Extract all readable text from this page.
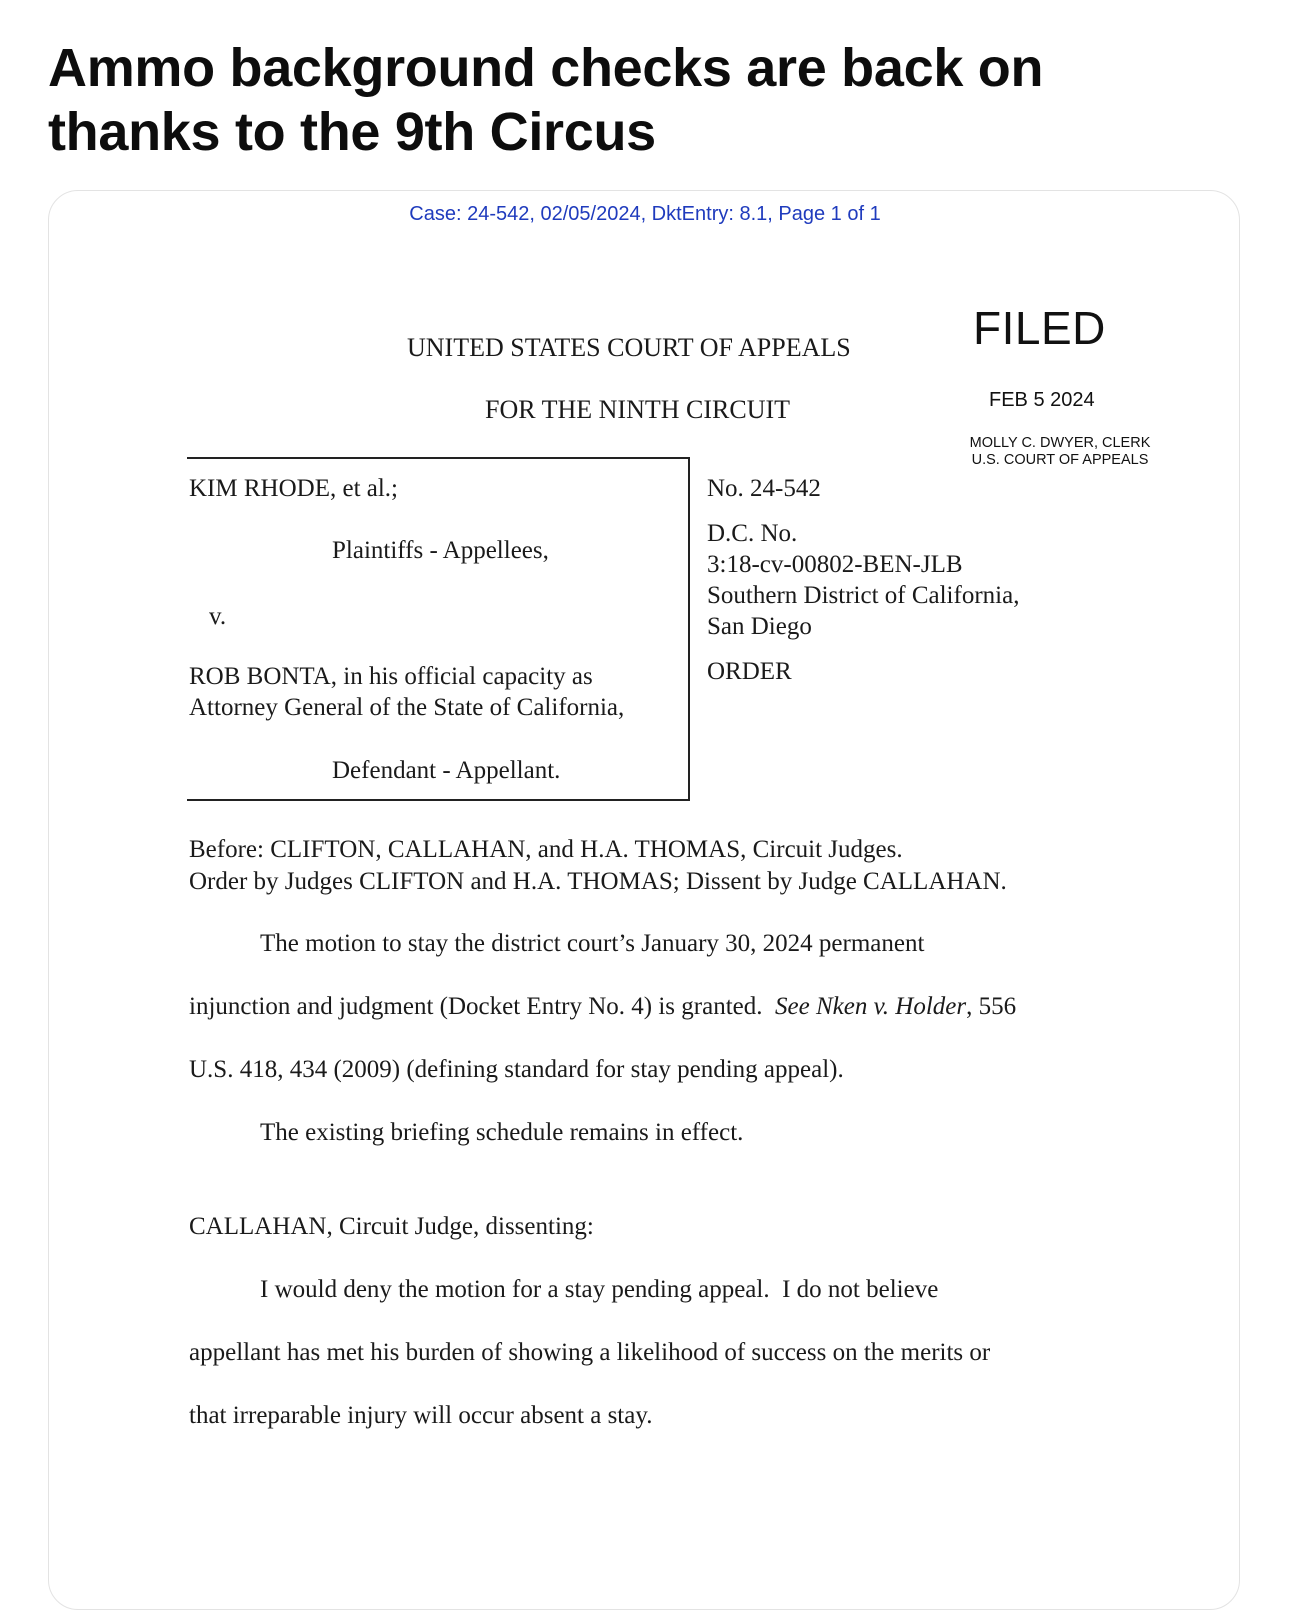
Ammo background checks are back on thanks to the 9th Circus
Case: 24-542, 02/05/2024, DktEntry: 8.1, Page 1 of 1
UNITED STATES COURT OF APPEALS
FOR THE NINTH CIRCUIT
FILED
FEB 5 2024
MOLLY C. DWYER, CLERK
U.S. COURT OF APPEALS
KIM RHODE, et al.;
Plaintiffs - Appellees,
v.
ROB BONTA, in his official capacity as
Attorney General of the State of California,
Defendant - Appellant.
No. 24-542
D.C. No.
3:18-cv-00802-BEN-JLB
Southern District of California,
San Diego
ORDER
Before: CLIFTON, CALLAHAN, and H.A. THOMAS, Circuit Judges.
Order by Judges CLIFTON and H.A. THOMAS; Dissent by Judge CALLAHAN.
The motion to stay the district court’s January 30, 2024 permanent
injunction and judgment (Docket Entry No. 4) is granted. See Nken v. Holder, 556
U.S. 418, 434 (2009) (defining standard for stay pending appeal).
The existing briefing schedule remains in effect.
CALLAHAN, Circuit Judge, dissenting:
I would deny the motion for a stay pending appeal.  I do not believe
appellant has met his burden of showing a likelihood of success on the merits or
that irreparable injury will occur absent a stay.
